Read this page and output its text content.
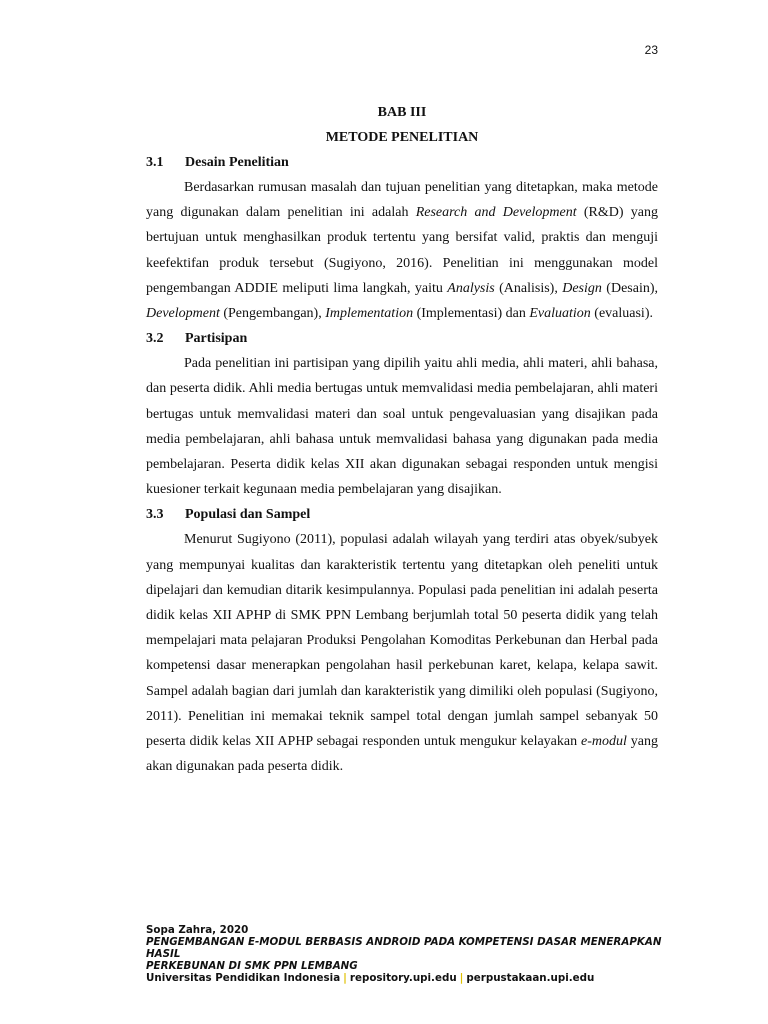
23
BAB III
METODE PENELITIAN
3.1 Desain Penelitian

Berdasarkan rumusan masalah dan tujuan penelitian yang ditetapkan, maka metode yang digunakan dalam penelitian ini adalah Research and Development (R&D) yang bertujuan untuk menghasilkan produk tertentu yang bersifat valid, praktis dan menguji keefektifan produk tersebut (Sugiyono, 2016). Penelitian ini menggunakan model pengembangan ADDIE meliputi lima langkah, yaitu Analysis (Analisis), Design (Desain), Development (Pengembangan), Implementation (Implementasi) dan Evaluation (evaluasi).

3.2 Partisipan

Pada penelitian ini partisipan yang dipilih yaitu ahli media, ahli materi, ahli bahasa, dan peserta didik. Ahli media bertugas untuk memvalidasi media pembelajaran, ahli materi bertugas untuk memvalidasi materi dan soal untuk pengevaluasian yang disajikan pada media pembelajaran, ahli bahasa untuk memvalidasi bahasa yang digunakan pada media pembelajaran. Peserta didik kelas XII akan digunakan sebagai responden untuk mengisi kuesioner terkait kegunaan media pembelajaran yang disajikan.

3.3 Populasi dan Sampel

Menurut Sugiyono (2011), populasi adalah wilayah yang terdiri atas obyek/subyek yang mempunyai kualitas dan karakteristik tertentu yang ditetapkan oleh peneliti untuk dipelajari dan kemudian ditarik kesimpulannya. Populasi pada penelitian ini adalah peserta didik kelas XII APHP di SMK PPN Lembang berjumlah total 50 peserta didik yang telah mempelajari mata pelajaran Produksi Pengolahan Komoditas Perkebunan dan Herbal pada kompetensi dasar menerapkan pengolahan hasil perkebunan karet, kelapa, kelapa sawit. Sampel adalah bagian dari jumlah dan karakteristik yang dimiliki oleh populasi (Sugiyono, 2011). Penelitian ini memakai teknik sampel total dengan jumlah sampel sebanyak 50 peserta didik kelas XII APHP sebagai responden untuk mengukur kelayakan e-modul yang akan digunakan pada peserta didik.

Sopa Zahra, 2020
PENGEMBANGAN E-MODUL BERBASIS ANDROID PADA KOMPETENSI DASAR MENERAPKAN HASIL
PERKEBUNAN DI SMK PPN LEMBANG
Universitas Pendidikan Indonesia | repository.upi.edu | perpustakaan.upi.edu
